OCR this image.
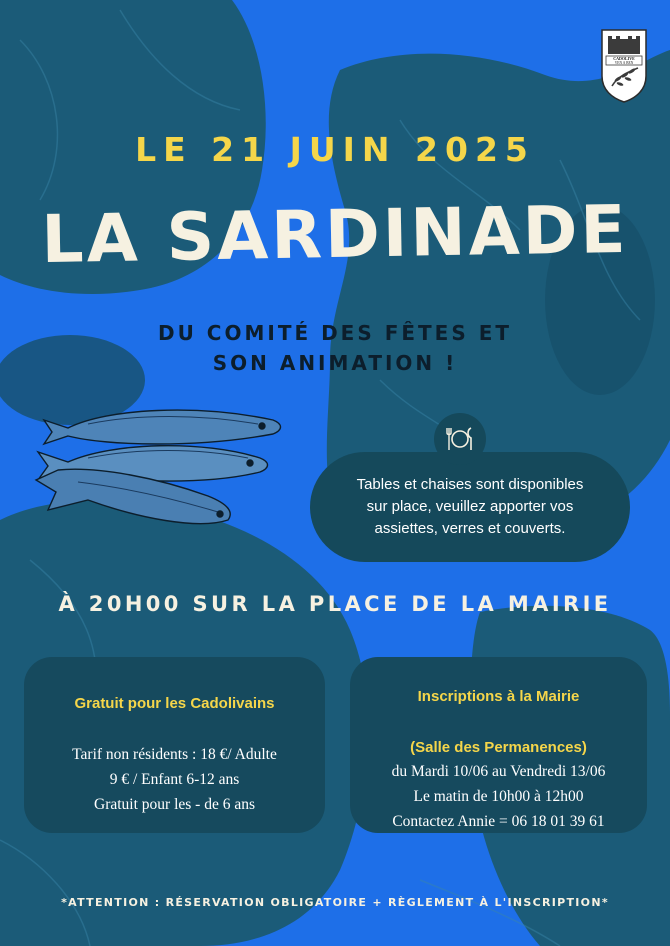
CADOLIVE
VEN A BEN
LE 21 JUIN 2025
LA SARDINADE
DU COMITÉ DES FÊTES ET
SON ANIMATION !
Tables et chaises sont disponibles sur place, veuillez apporter vos assiettes, verres et couverts.
À 20H00 SUR LA PLACE DE LA MAIRIE
Gratuit pour les Cadolivains
Tarif non résidents : 18 €/ Adulte
9 € / Enfant 6-12 ans
Gratuit pour les - de 6 ans
Inscriptions à la Mairie
(Salle des Permanences)
du Mardi 10/06 au Vendredi 13/06
Le matin de 10h00 à 12h00
Contactez Annie = 06 18 01 39 61
*ATTENTION : RÉSERVATION OBLIGATOIRE + RÈGLEMENT À L'INSCRIPTION*
